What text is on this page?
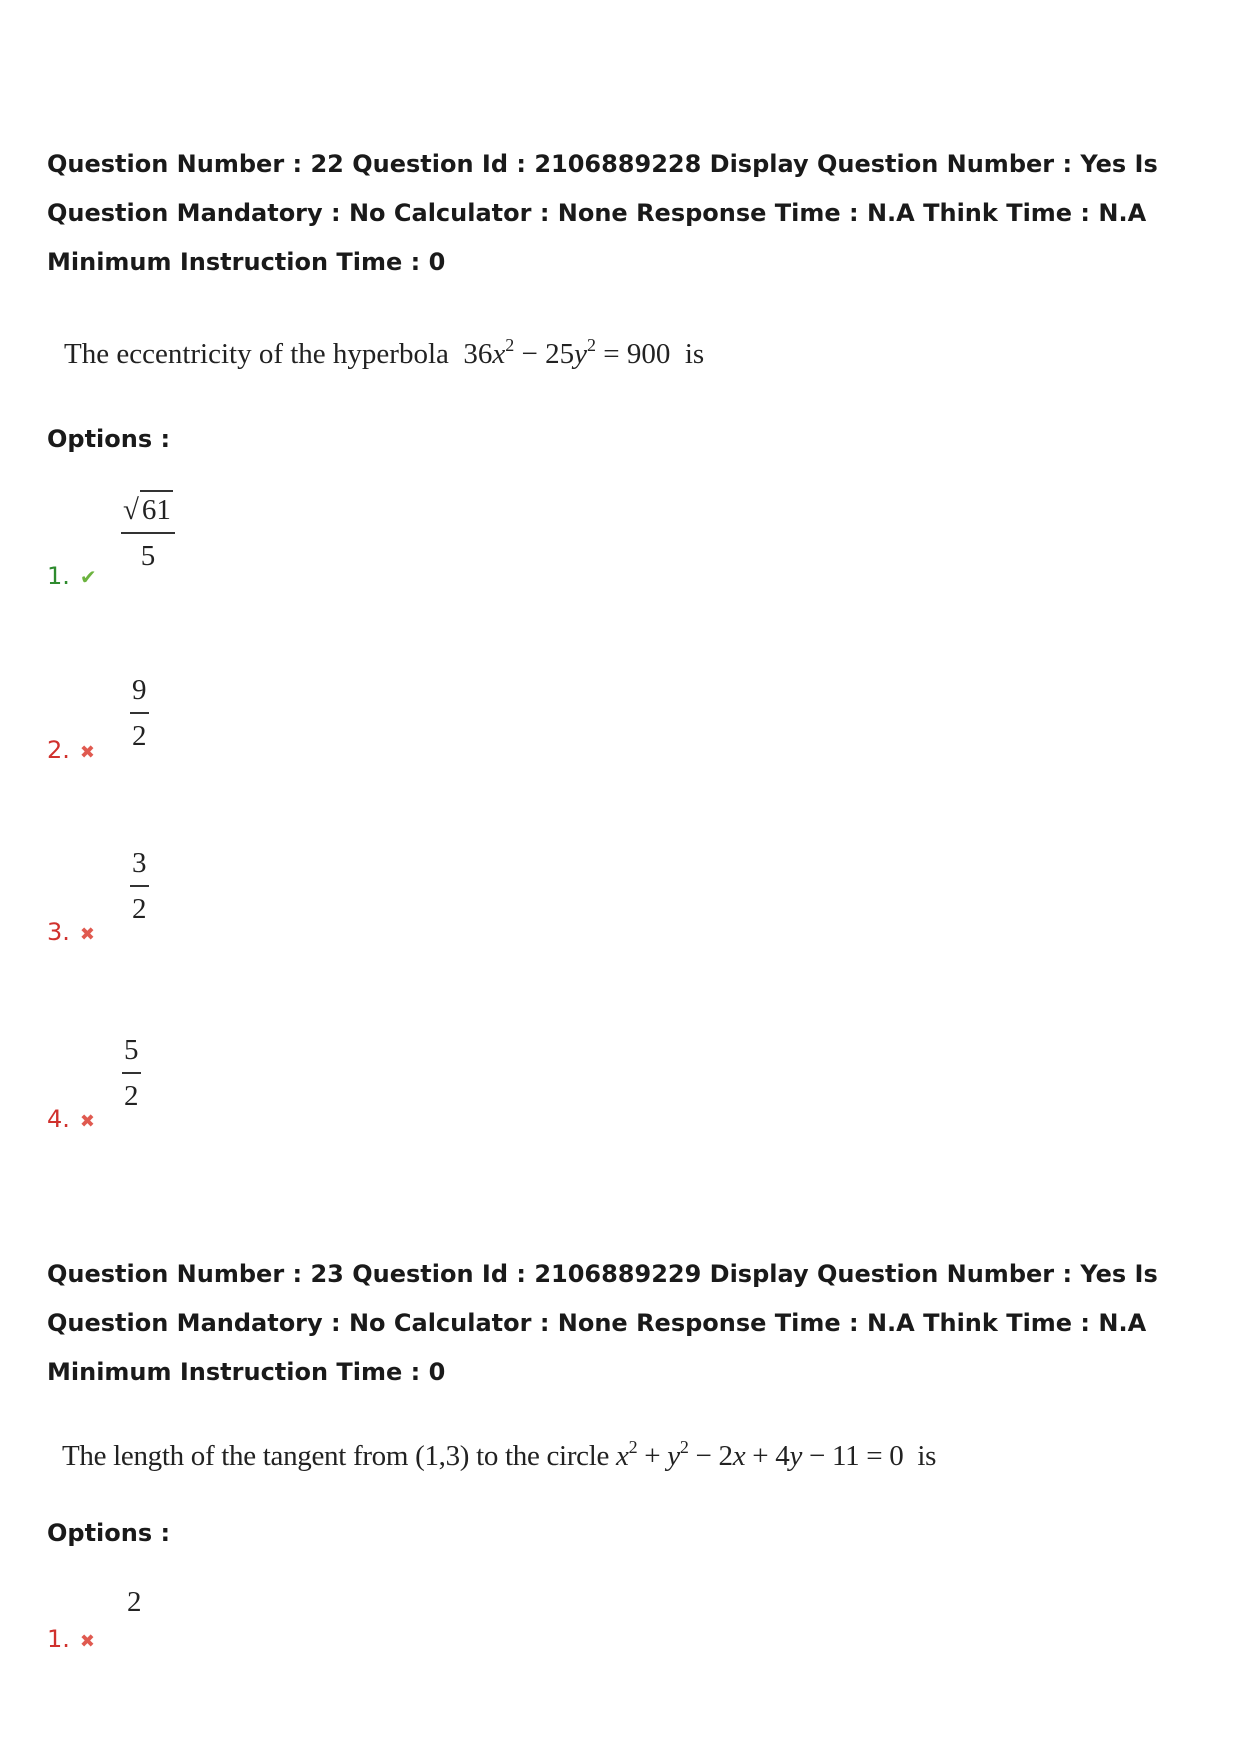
Question Number : 22 Question Id : 2106889228 Display Question Number : Yes Is Question Mandatory : No Calculator : None Response Time : N.A Think Time : N.A Minimum Instruction Time : 0
The eccentricity of the hyperbola $36x^2 - 25y^2 = 900$ is
Options :
√ 61
5
1. ✔
9
2
2. ✖
3
2
3. ✖
5
2
4. ✖
Question Number : 23 Question Id : 2106889229 Display Question Number : Yes Is Question Mandatory : No Calculator : None Response Time : N.A Think Time : N.A Minimum Instruction Time : 0
The length of the tangent from (1,3) to the circle $x^2 + y^2 - 2x + 4y - 11 = 0$ is
Options :
2
1. ✖
